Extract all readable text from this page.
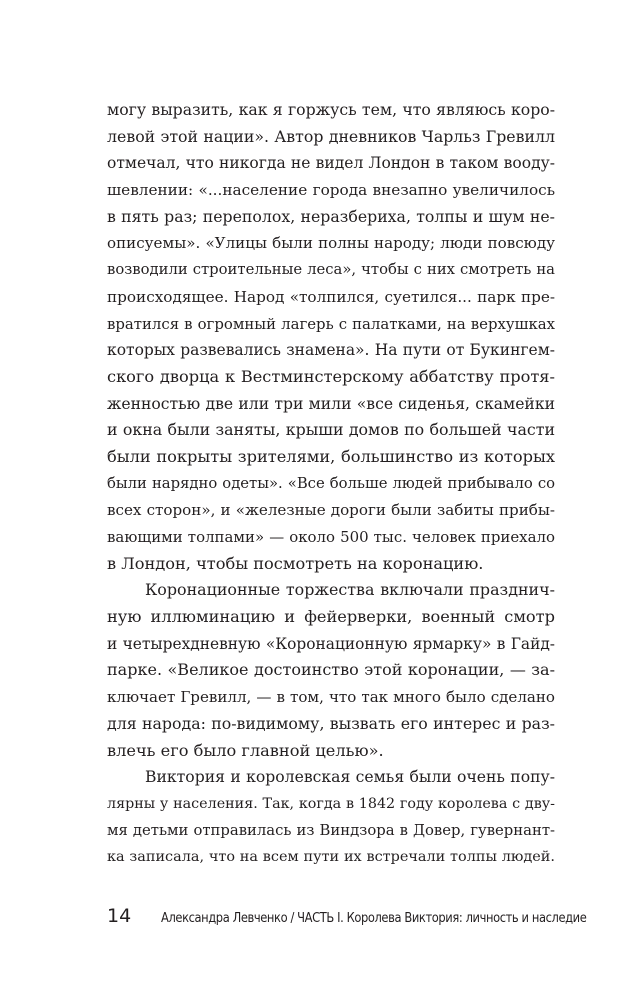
могу выразить, как я горжусь тем, что являюсь коро-
левой этой нации». Автор дневников Чарльз Гревилл
отмечал, что никогда не видел Лондон в таком вооду-
шевлении: «...население города внезапно увеличилось
в пять раз; переполох, неразбериха, толпы и шум не-
описуемы». «Улицы были полны народу; люди повсюду
возводили строительные леса», чтобы с них смотреть на
происходящее. Народ «толпился, суетился... парк пре-
вратился в огромный лагерь с палатками, на верхушках
которых развевались знамена». На пути от Букингем-
ского дворца к Вестминстерскому аббатству протя-
женностью две или три мили «все сиденья, скамейки
и окна были заняты, крыши домов по большей части
были покрыты зрителями, большинство из которых
были нарядно одеты». «Все больше людей прибывало со
всех сторон», и «железные дороги были забиты прибы-
вающими толпами» — около 500 тыс. человек приехало
в Лондон, чтобы посмотреть на коронацию.
Коронационные торжества включали празднич-
ную иллюминацию и фейерверки, военный смотр
и четырехдневную «Коронационную ярмарку» в Гайд-
парке. «Великое достоинство этой коронации, — за-
ключает Гревилл, — в том, что так много было сделано
для народа: по-видимому, вызвать его интерес и раз-
влечь его было главной целью».
Виктория и королевская семья были очень попу-
лярны у населения. Так, когда в 1842 году королева с дву-
мя детьми отправилась из Виндзора в Довер, гувернант-
ка записала, что на всем пути их встречали толпы людей.
14 Александра Левченко / ЧАСТЬ I. Королева Виктория: личность и наследие
